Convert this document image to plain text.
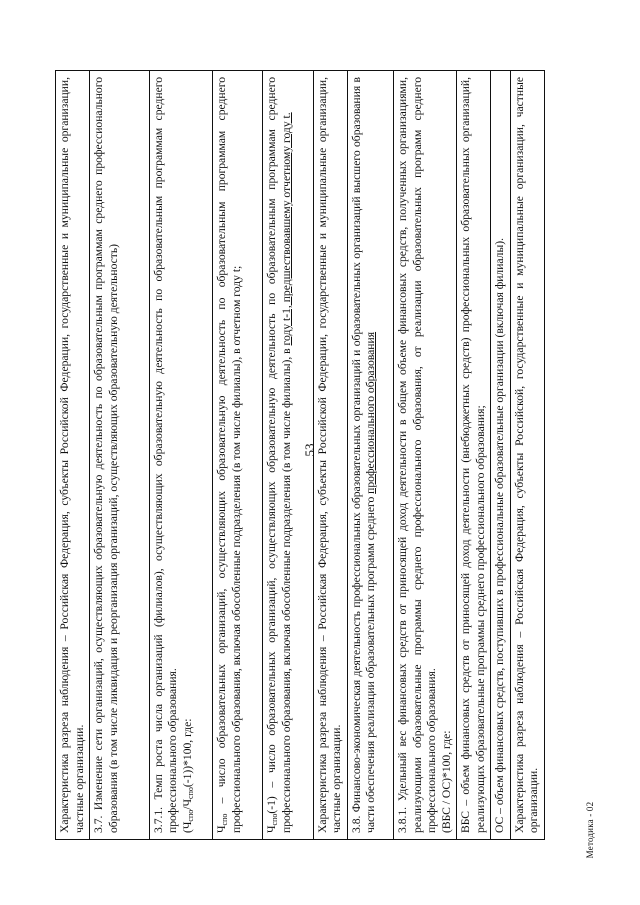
53

Характеристика разреза наблюдения – Российская Федерация, субъекты Российской Федерации, государственные и муниципальные организации, частные организации. 3.7. Изменение сети организаций, осуществляющих образовательную деятельность по образовательным программам среднего профессионального образования (в том числе ликвидация и реорганизация организаций, осуществляющих образовательную деятельность)	3.7.1. Темп роста числа организаций (филиалов), осуществляющих образовательную деятельность по образовательным программам среднего профессионального образования. $(Ч_{спо}/Ч_{спо}(-1))*100$, где:

$Ч_{спо}$ – число образовательных организаций, осуществляющих образовательную деятельность по образовательным программам среднего профессионального образования, включая обособленные подразделения (в том числе филиалы), в отчетном году t; $Ч_{спо}(-1)$ – число образовательных организаций, осуществляющих образовательную деятельность по образовательным программам среднего профессионального образования, включая обособленные подразделения (в том числе филиалы), в году t-1, предшествовавшему отчетному году t. Характеристика разреза наблюдения – Российская Федерация, субъекты Российской Федерации, государственные и муниципальные организации, частные организации. 3.8. Финансово-экономическая деятельность профессиональных образовательных организаций и образовательных организаций высшего образования в части обеспечения реализации образовательных программ среднего профессионального образования 3.8.1. Удельный вес финансовых средств от приносящей доход деятельности в общем объеме финансовых средств, полученных организациями, реализующими образовательные программы среднего профессионального образования, от реализации образовательных программ среднего профессионального образования. (ВБС / ОС)*100, где: ВБС – объем финансовых средств от приносящей доход деятельности (внебюджетных средств) профессиональных образовательных организаций, реализующих образовательные программы среднего профессионального образования; ОС – объем финансовых средств, поступивших в профессиональные образовательные организации (включая филиалы). Характеристика разреза наблюдения – Российская Федерация, субъекты Российской, государственные и муниципальные организации, частные организации.	Методика - 02
